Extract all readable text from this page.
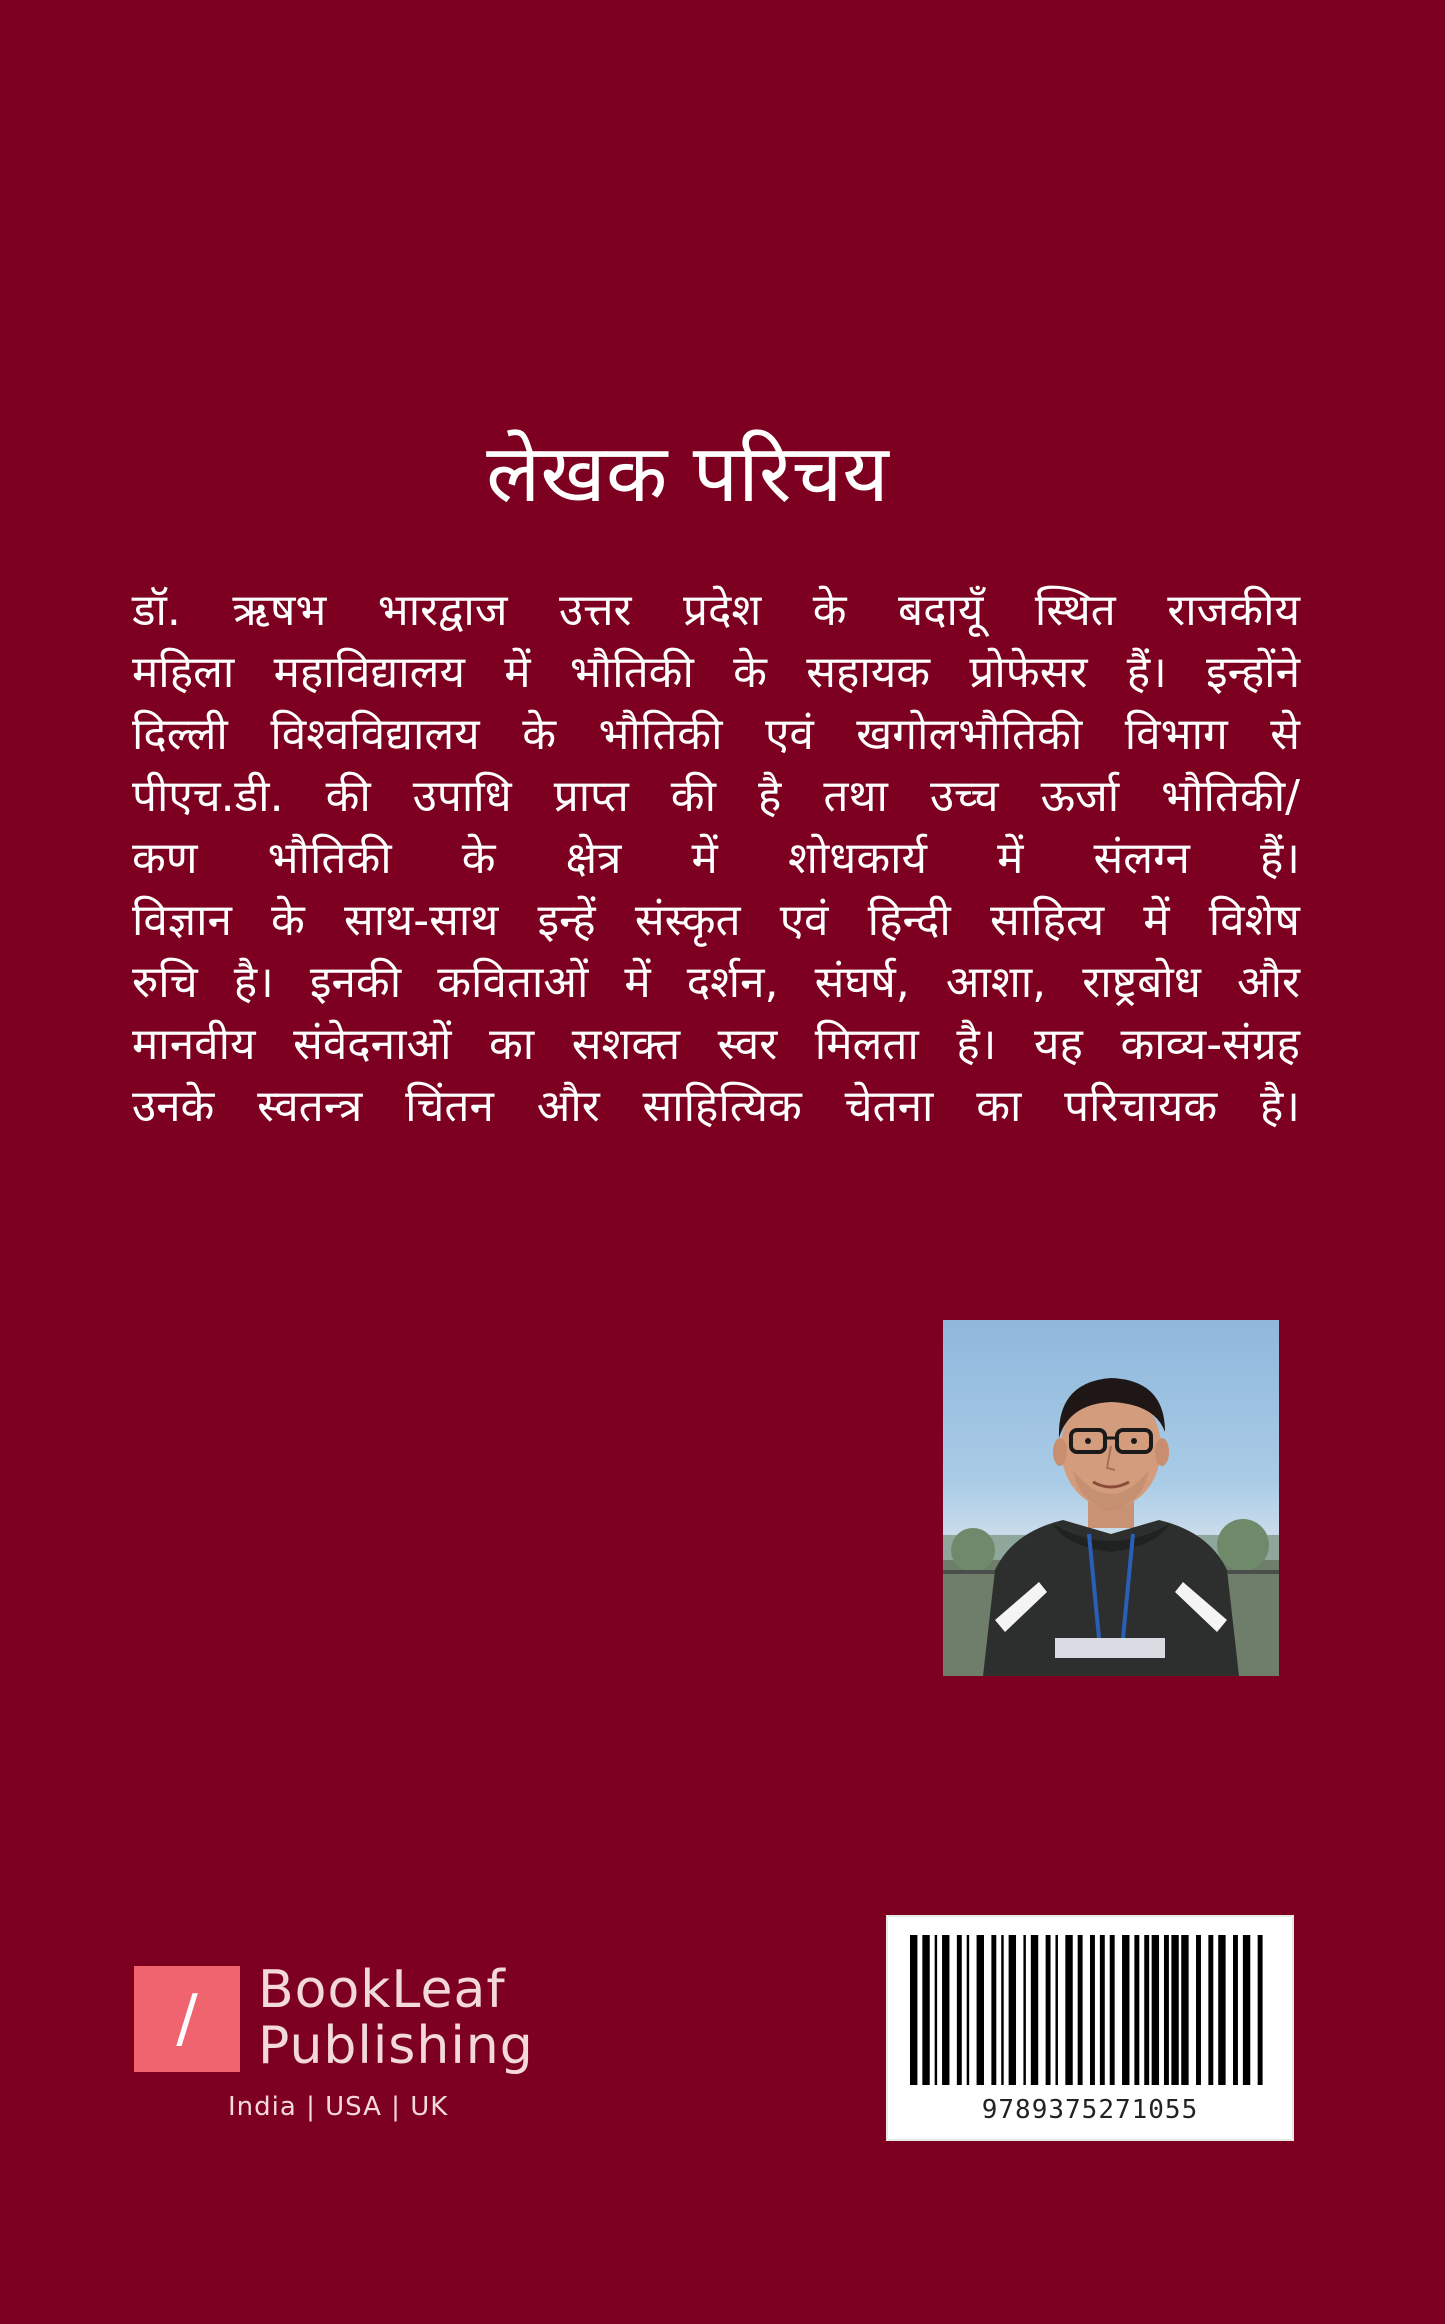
लेखक परिचय
डॉ. ऋषभ भारद्वाज उत्तर प्रदेश के बदायूँ स्थित राजकीय
महिला महाविद्यालय में भौतिकी के सहायक प्रोफेसर हैं। इन्होंने
दिल्ली विश्वविद्यालय के भौतिकी एवं खगोलभौतिकी विभाग से
पीएच.डी. की उपाधि प्राप्त की है तथा उच्च ऊर्जा भौतिकी/
कण भौतिकी के क्षेत्र में शोधकार्य में संलग्न हैं।
विज्ञान के साथ-साथ इन्हें संस्कृत एवं हिन्दी साहित्य में विशेष
रुचि है। इनकी कविताओं में दर्शन, संघर्ष, आशा, राष्ट्रबोध और
मानवीय संवेदनाओं का सशक्त स्वर मिलता है। यह काव्य-संग्रह
उनके स्वतन्त्र चिंतन और साहित्यिक चेतना का परिचायक है।
/	BookLeaf
Publishing
India | USA | UK	9789375271055
